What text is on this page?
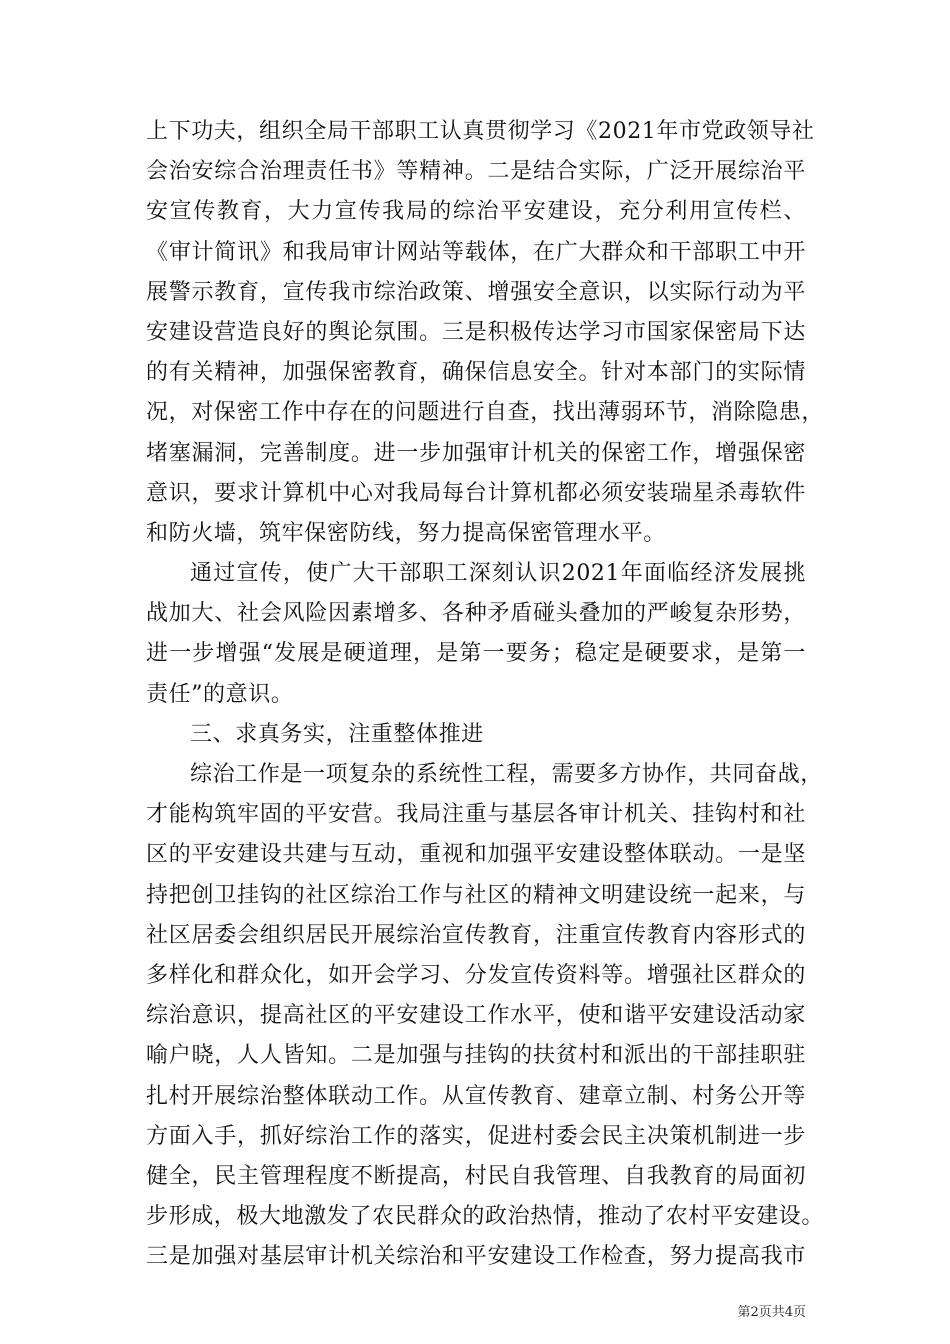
上下功夫，组织全局干部职工认真贯彻学习《2021年市党政领导社
会治安综合治理责任书》等精神。二是结合实际，广泛开展综治平
安宣传教育，大力宣传我局的综治平安建设，充分利用宣传栏、
《审计简讯》和我局审计网站等载体，在广大群众和干部职工中开
展警示教育，宣传我市综治政策、增强安全意识，以实际行动为平
安建设营造良好的舆论氛围。三是积极传达学习市国家保密局下达
的有关精神，加强保密教育，确保信息安全。针对本部门的实际情
况，对保密工作中存在的问题进行自查，找出薄弱环节，消除隐患，
堵塞漏洞，完善制度。进一步加强审计机关的保密工作，增强保密
意识，要求计算机中心对我局每台计算机都必须安装瑞星杀毒软件
和防火墙，筑牢保密防线，努力提高保密管理水平。
通过宣传，使广大干部职工深刻认识2021年面临经济发展挑
战加大、社会风险因素增多、各种矛盾碰头叠加的严峻复杂形势，
进一步增强“发展是硬道理，是第一要务；稳定是硬要求，是第一
责任”的意识。
三、求真务实，注重整体推进
综治工作是一项复杂的系统性工程，需要多方协作，共同奋战，
才能构筑牢固的平安营。我局注重与基层各审计机关、挂钩村和社
区的平安建设共建与互动，重视和加强平安建设整体联动。一是坚
持把创卫挂钩的社区综治工作与社区的精神文明建设统一起来，与
社区居委会组织居民开展综治宣传教育，注重宣传教育内容形式的
多样化和群众化，如开会学习、分发宣传资料等。增强社区群众的
综治意识，提高社区的平安建设工作水平，使和谐平安建设活动家
喻户晓，人人皆知。二是加强与挂钩的扶贫村和派出的干部挂职驻
扎村开展综治整体联动工作。从宣传教育、建章立制、村务公开等
方面入手，抓好综治工作的落实，促进村委会民主决策机制进一步
健全，民主管理程度不断提高，村民自我管理、自我教育的局面初
步形成，极大地激发了农民群众的政治热情，推动了农村平安建设。
三是加强对基层审计机关综治和平安建设工作检查，努力提高我市
第2页共4页
